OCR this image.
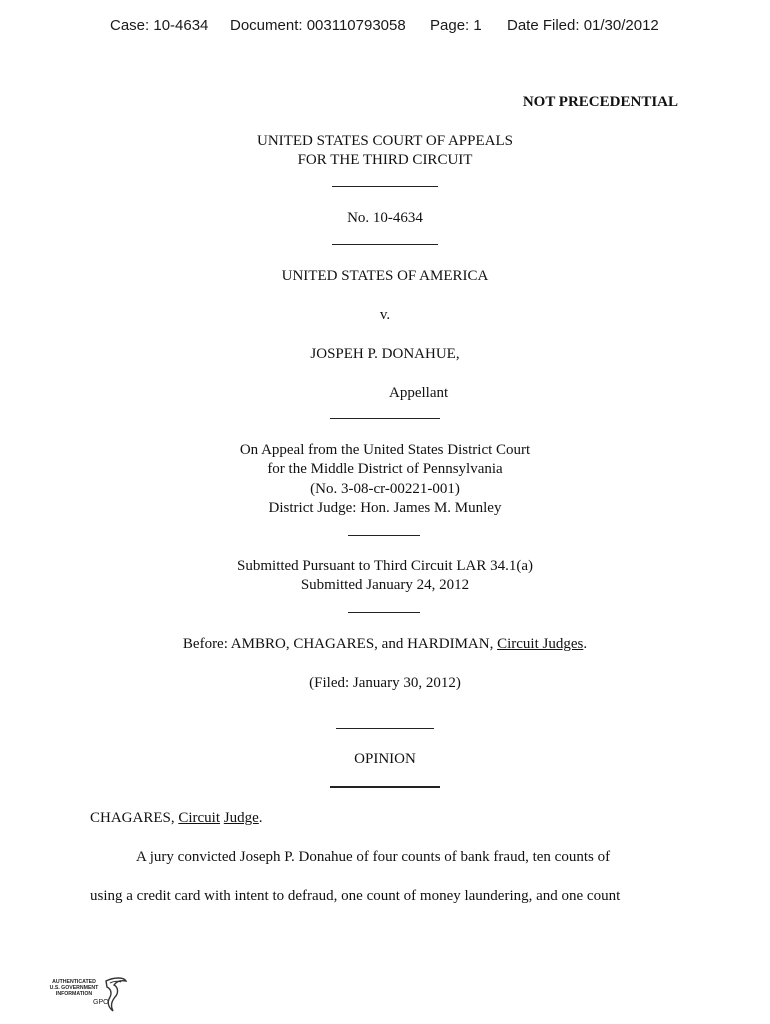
Case: 10-4634 Document: 003110793058 Page: 1 Date Filed: 01/30/2012
NOT PRECEDENTIAL
UNITED STATES COURT OF APPEALS
FOR THE THIRD CIRCUIT
No. 10-4634
UNITED STATES OF AMERICA
v.
JOSPEH P. DONAHUE,
Appellant
On Appeal from the United States District Court
for the Middle District of Pennsylvania
(No. 3-08-cr-00221-001)
District Judge: Hon. James M. Munley
Submitted Pursuant to Third Circuit LAR 34.1(a)
Submitted January 24, 2012
Before: AMBRO, CHAGARES, and HARDIMAN, Circuit Judges.
(Filed: January 30, 2012)
OPINION
CHAGARES, Circuit Judge.
A jury convicted Joseph P. Donahue of four counts of bank fraud, ten counts of
using a credit card with intent to defraud, one count of money laundering, and one count
AUTHENTICATED
U.S. GOVERNMENT
INFORMATION
GPO
